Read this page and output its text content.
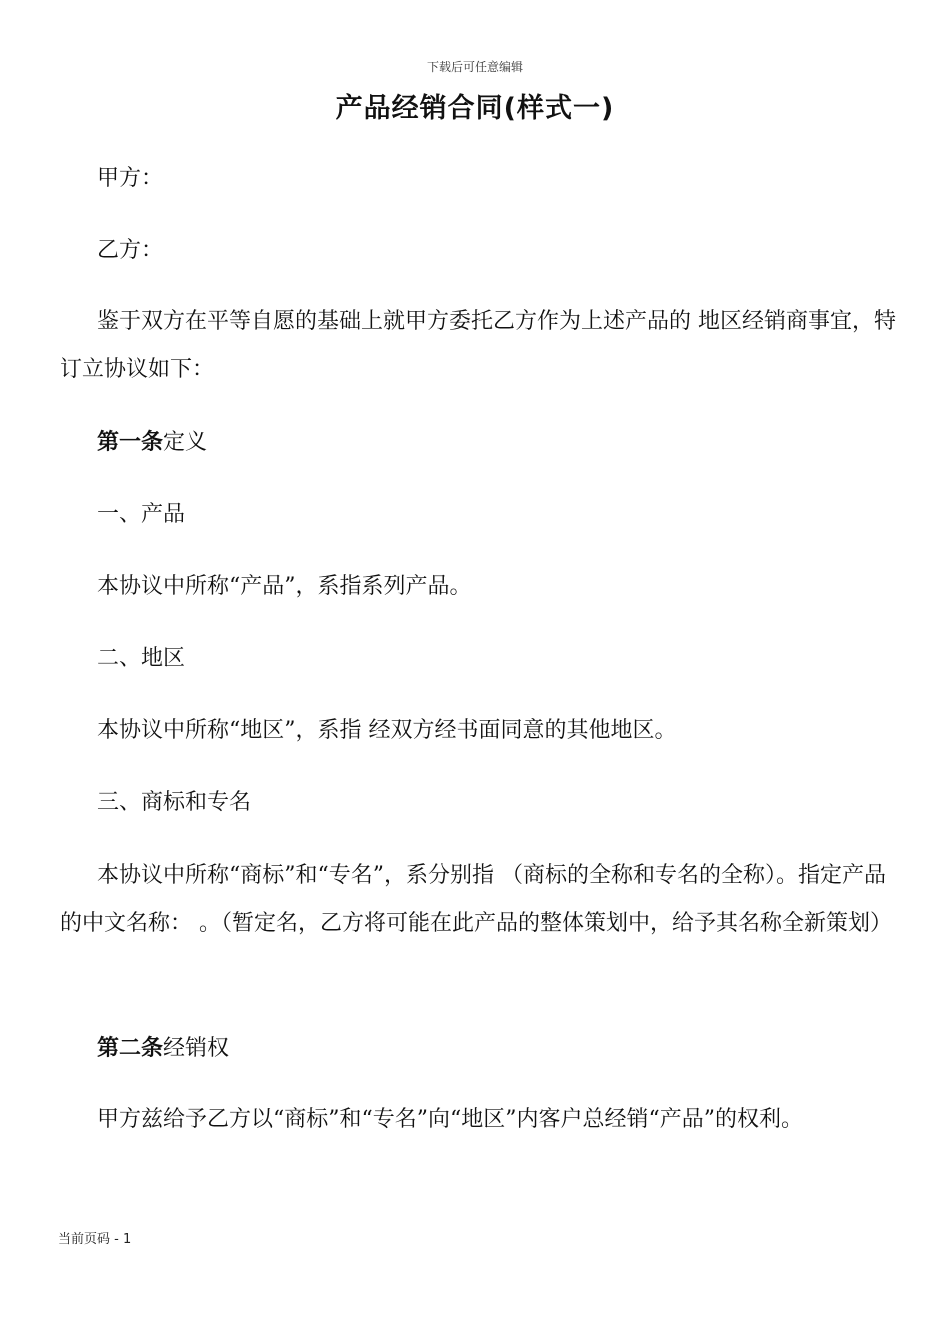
下载后可任意编辑
产品经销合同(样式一)
甲方：
乙方：
鉴于双方在平等自愿的基础上就甲方委托乙方作为上述产品的 地区经销商事宜，特订立协议如下：
第一条定义
一、产品
本协议中所称“产品”，系指系列产品。
二、地区
本协议中所称“地区”，系指 经双方经书面同意的其他地区。
三、商标和专名
本协议中所称“商标”和“专名”，系分别指 （商标的全称和专名的全称）。指定产品的中文名称： 。（暂定名，乙方将可能在此产品的整体策划中，给予其名称全新策划）
第二条经销权
甲方兹给予乙方以“商标”和“专名”向“地区”内客户总经销“产品”的权利。
当前页码 - 1
